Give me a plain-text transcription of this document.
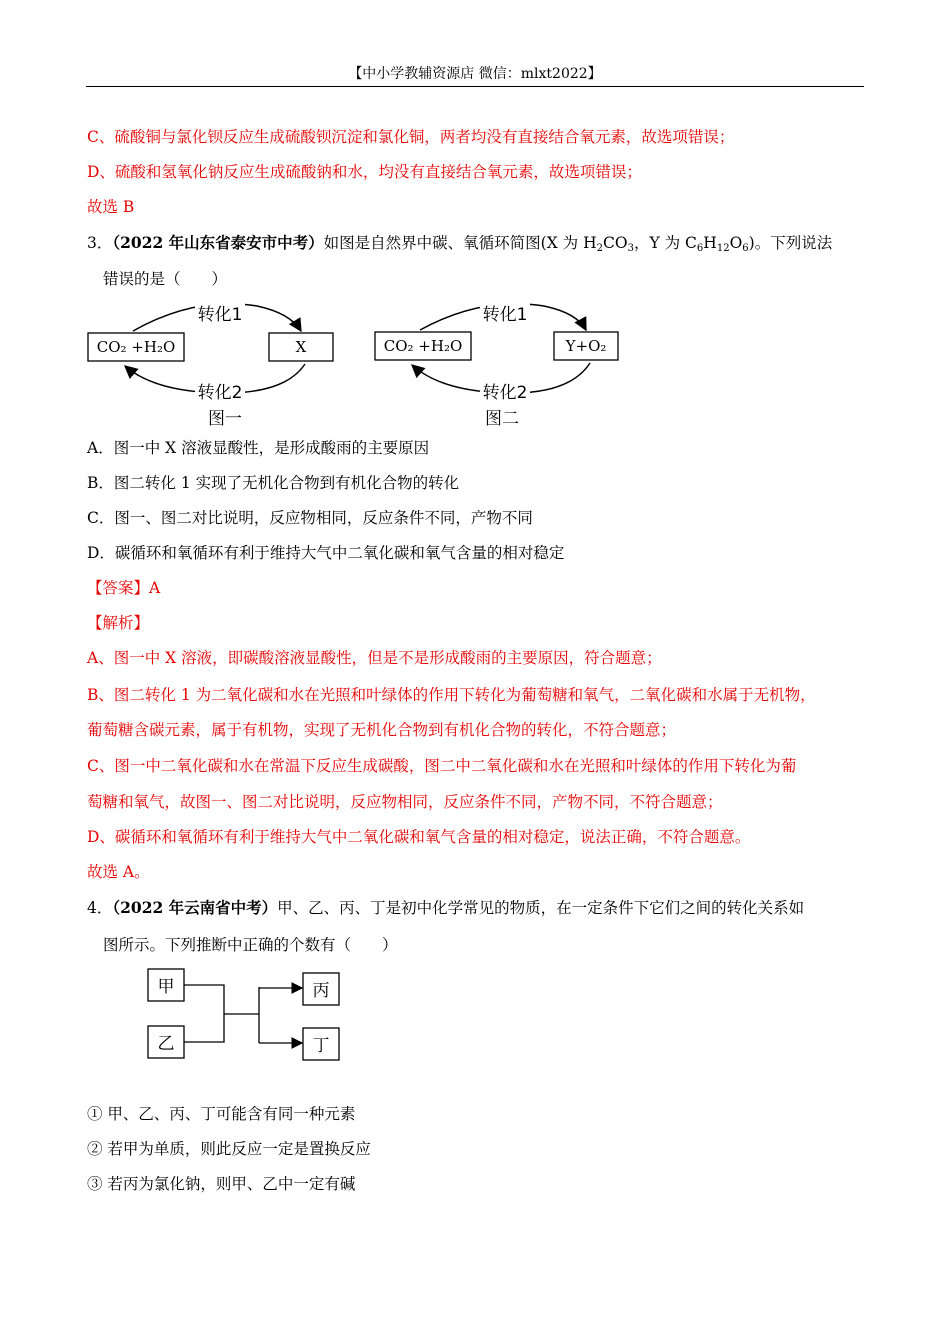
【中小学教辅资源店 微信：mlxt2022】
C、硫酸铜与氯化钡反应生成硫酸钡沉淀和氯化铜，两者均没有直接结合氧元素，故选项错误；
D、硫酸和氢氧化钠反应生成硫酸钠和水，均没有直接结合氧元素，故选项错误；
故选 B
3．（2022 年山东省泰安市中考）如图是自然界中碳、氧循环简图(X 为 $H_2CO_3$，Y 为 $C_6H_{12}O_6$)。下列说法
错误的是（　　）
CO₂ +H₂O	X
转化1
转化2
图一
CO₂ +H₂O	Y+O₂
转化1
转化2
图二
A．图一中 X 溶液显酸性，是形成酸雨的主要原因
B．图二转化 1 实现了无机化合物到有机化合物的转化
C．图一、图二对比说明，反应物相同，反应条件不同，产物不同
D．碳循环和氧循环有利于维持大气中二氧化碳和氧气含量的相对稳定
【答案】A
【解析】
A、图一中 X 溶液，即碳酸溶液显酸性，但是不是形成酸雨的主要原因，符合题意；
B、图二转化 1 为二氧化碳和水在光照和叶绿体的作用下转化为葡萄糖和氧气，二氧化碳和水属于无机物，
葡萄糖含碳元素，属于有机物，实现了无机化合物到有机化合物的转化，不符合题意；
C、图一中二氧化碳和水在常温下反应生成碳酸，图二中二氧化碳和水在光照和叶绿体的作用下转化为葡
萄糖和氧气，故图一、图二对比说明，反应物相同，反应条件不同，产物不同，不符合题意；
D、碳循环和氧循环有利于维持大气中二氧化碳和氧气含量的相对稳定，说法正确，不符合题意。
故选 A。
4．（2022 年云南省中考）甲、乙、丙、丁是初中化学常见的物质，在一定条件下它们之间的转化关系如
图所示。下列推断中正确的个数有（　　）
甲
乙
丙
丁
① 甲、乙、丙、丁可能含有同一种元素
② 若甲为单质，则此反应一定是置换反应
③ 若丙为氯化钠，则甲、乙中一定有碱
